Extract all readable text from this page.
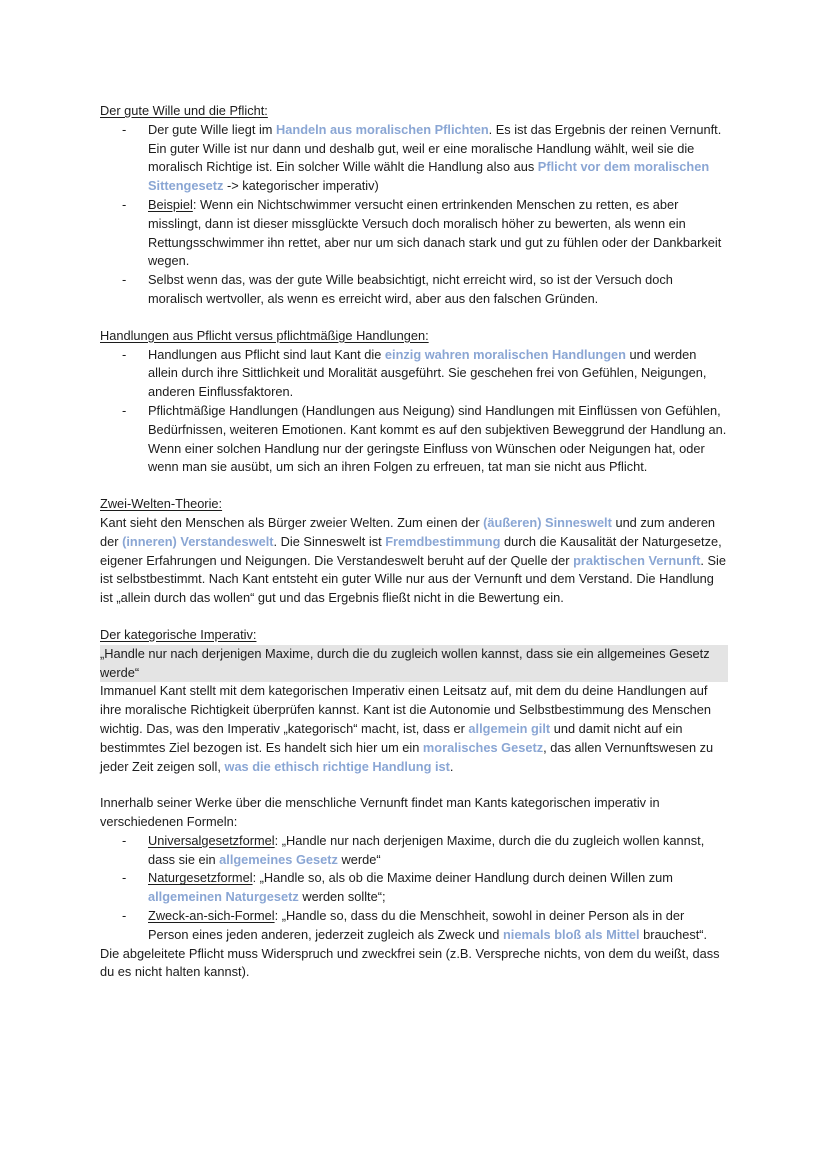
Der gute Wille und die Pflicht:
- Der gute Wille liegt im Handeln aus moralischen Pflichten. Es ist das Ergebnis der reinen Vernunft. Ein guter Wille ist nur dann und deshalb gut, weil er eine moralische Handlung wählt, weil sie die moralisch Richtige ist. Ein solcher Wille wählt die Handlung also aus Pflicht vor dem moralischen Sittengesetz -> kategorischer imperativ)
- Beispiel: Wenn ein Nichtschwimmer versucht einen ertrinkenden Menschen zu retten, es aber misslingt, dann ist dieser missglückte Versuch doch moralisch höher zu bewerten, als wenn ein Rettungsschwimmer ihn rettet, aber nur um sich danach stark und gut zu fühlen oder der Dankbarkeit wegen.
- Selbst wenn das, was der gute Wille beabsichtigt, nicht erreicht wird, so ist der Versuch doch moralisch wertvoller, als wenn es erreicht wird, aber aus den falschen Gründen.
Handlungen aus Pflicht versus pflichtmäßige Handlungen:
- Handlungen aus Pflicht sind laut Kant die einzig wahren moralischen Handlungen und werden allein durch ihre Sittlichkeit und Moralität ausgeführt. Sie geschehen frei von Gefühlen, Neigungen, anderen Einflussfaktoren.
- Pflichtmäßige Handlungen (Handlungen aus Neigung) sind Handlungen mit Einflüssen von Gefühlen, Bedürfnissen, weiteren Emotionen. Kant kommt es auf den subjektiven Beweggrund der Handlung an. Wenn einer solchen Handlung nur der geringste Einfluss von Wünschen oder Neigungen hat, oder wenn man sie ausübt, um sich an ihren Folgen zu erfreuen, tat man sie nicht aus Pflicht.
Zwei-Welten-Theorie:

Kant sieht den Menschen als Bürger zweier Welten. Zum einen der (äußeren) Sinneswelt und zum anderen der (inneren) Verstandeswelt. Die Sinneswelt ist Fremdbestimmung durch die Kausalität der Naturgesetze, eigener Erfahrungen und Neigungen. Die Verstandeswelt beruht auf der Quelle der praktischen Vernunft. Sie ist selbstbestimmt. Nach Kant entsteht ein guter Wille nur aus der Vernunft und dem Verstand. Die Handlung ist „allein durch das wollen“ gut und das Ergebnis fließt nicht in die Bewertung ein.

Der kategorische Imperativ:
„Handle nur nach derjenigen Maxime, durch die du zugleich wollen kannst, dass sie ein allgemeines Gesetz werde“

Immanuel Kant stellt mit dem kategorischen Imperativ einen Leitsatz auf, mit dem du deine Handlungen auf ihre moralische Richtigkeit überprüfen kannst. Kant ist die Autonomie und Selbstbestimmung des Menschen wichtig. Das, was den Imperativ „kategorisch“ macht, ist, dass er allgemein gilt und damit nicht auf ein bestimmtes Ziel bezogen ist. Es handelt sich hier um ein moralisches Gesetz, das allen Vernunftswesen zu jeder Zeit zeigen soll, was die ethisch richtige Handlung ist.

Innerhalb seiner Werke über die menschliche Vernunft findet man Kants kategorischen imperativ in verschiedenen Formeln:

- Universalgesetzformel: „Handle nur nach derjenigen Maxime, durch die du zugleich wollen kannst, dass sie ein allgemeines Gesetz werde“
- Naturgesetzformel: „Handle so, als ob die Maxime deiner Handlung durch deinen Willen zum allgemeinen Naturgesetz werden sollte“;
- Zweck-an-sich-Formel: „Handle so, dass du die Menschheit, sowohl in deiner Person als in der Person eines jeden anderen, jederzeit zugleich als Zweck und niemals bloß als Mittel brauchest“.

Die abgeleitete Pflicht muss Widerspruch und zweckfrei sein (z.B. Verspreche nichts, von dem du weißt, dass du es nicht halten kannst).
